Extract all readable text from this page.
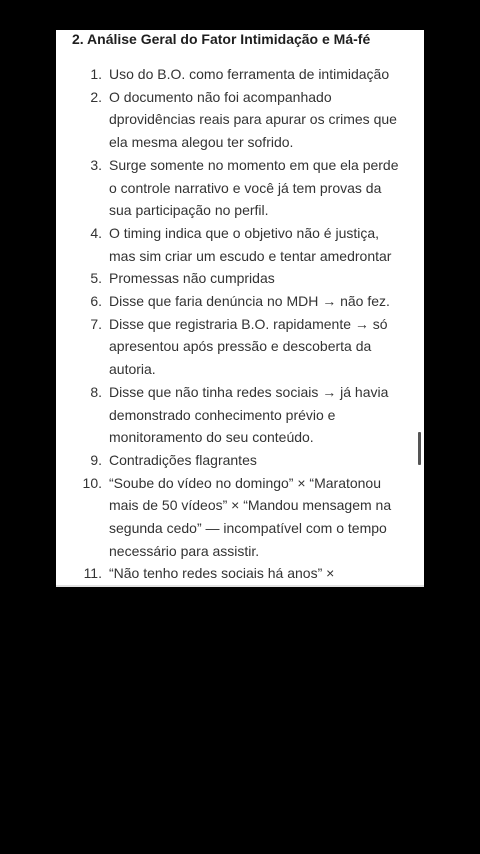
2. Análise Geral do Fator Intimidação e Má-fé
1. Uso do B.O. como ferramenta de intimidação
2. O documento não foi acompanhado dprovidências reais para apurar os crimes que ela mesma alegou ter sofrido.
3. Surge somente no momento em que ela perde o controle narrativo e você já tem provas da sua participação no perfil.
4. O timing indica que o objetivo não é justiça, mas sim criar um escudo e tentar amedrontar
5. Promessas não cumpridas
6. Disse que faria denúncia no MDH → não fez.
7. Disse que registraria B.O. rapidamente → só apresentou após pressão e descoberta da autoria.
8. Disse que não tinha redes sociais → já havia demonstrado conhecimento prévio e monitoramento do seu conteúdo.
9. Contradições flagrantes
10. “Soube do vídeo no domingo” × “Maratonou mais de 50 vídeos” × “Mandou mensagem na segunda cedo” — incompatível com o tempo necessário para assistir.
11. “Não tenho redes sociais há anos” ×
